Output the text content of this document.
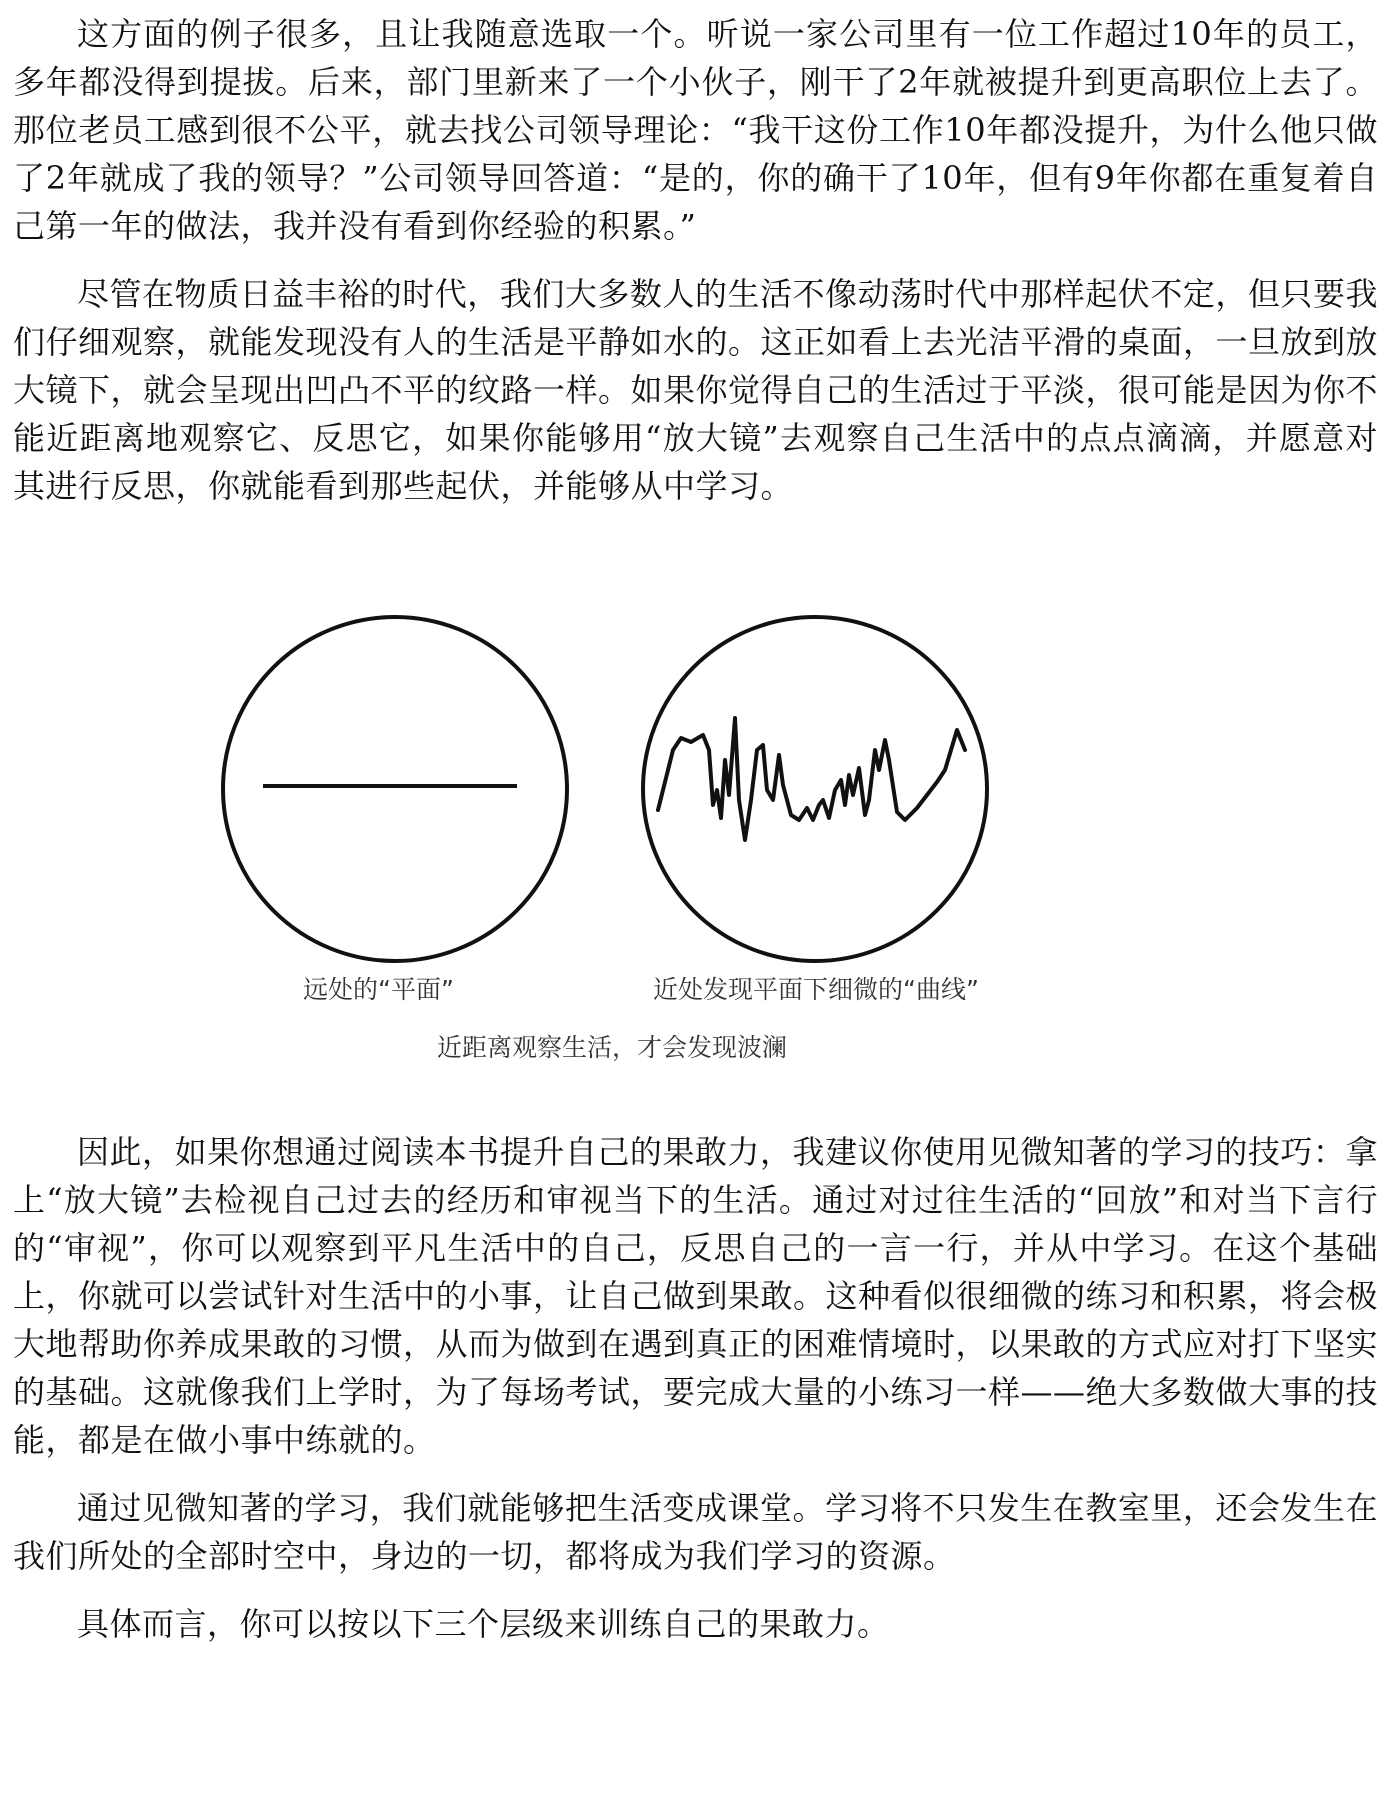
这方面的例子很多，且让我随意选取一个。听说一家公司里有一位工作超过10年的员工，多年都没得到提拔。后来，部门里新来了一个小伙子，刚干了2年就被提升到更高职位上去了。那位老员工感到很不公平，就去找公司领导理论：“我干这份工作10年都没提升，为什么他只做了2年就成了我的领导？”公司领导回答道：“是的，你的确干了10年，但有9年你都在重复着自己第一年的做法，我并没有看到你经验的积累。”

尽管在物质日益丰裕的时代，我们大多数人的生活不像动荡时代中那样起伏不定，但只要我们仔细观察，就能发现没有人的生活是平静如水的。这正如看上去光洁平滑的桌面，一旦放到放大镜下，就会呈现出凹凸不平的纹路一样。如果你觉得自己的生活过于平淡，很可能是因为你不能近距离地观察它、反思它，如果你能够用“放大镜”去观察自己生活中的点点滴滴，并愿意对其进行反思，你就能看到那些起伏，并能够从中学习。

远处的“平面”	近处发现平面下细微的“曲线”
近距离观察生活，才会发现波澜

因此，如果你想通过阅读本书提升自己的果敢力，我建议你使用见微知著的学习的技巧：拿上“放大镜”去检视自己过去的经历和审视当下的生活。通过对过往生活的“回放”和对当下言行的“审视”，你可以观察到平凡生活中的自己，反思自己的一言一行，并从中学习。在这个基础上，你就可以尝试针对生活中的小事，让自己做到果敢。这种看似很细微的练习和积累，将会极大地帮助你养成果敢的习惯，从而为做到在遇到真正的困难情境时，以果敢的方式应对打下坚实的基础。这就像我们上学时，为了每场考试，要完成大量的小练习一样——绝大多数做大事的技能，都是在做小事中练就的。

通过见微知著的学习，我们就能够把生活变成课堂。学习将不只发生在教室里，还会发生在我们所处的全部时空中，身边的一切，都将成为我们学习的资源。

具体而言，你可以按以下三个层级来训练自己的果敢力。
